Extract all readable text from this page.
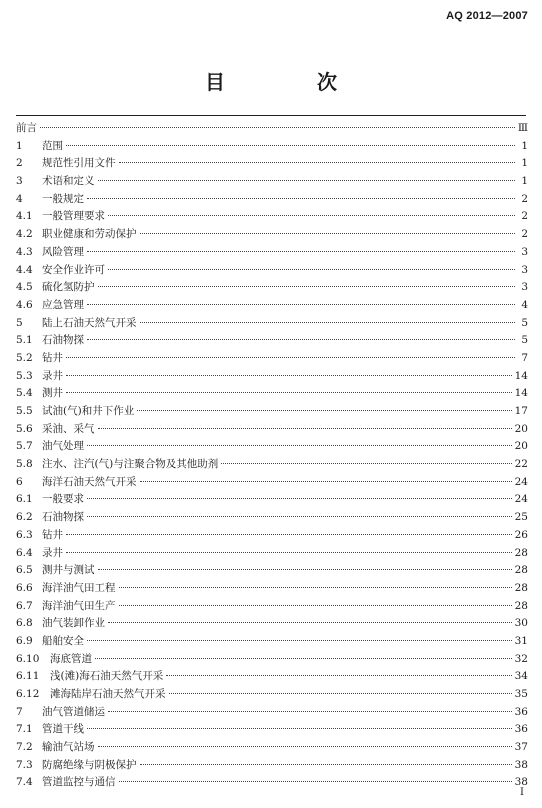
AQ 2012—2007
目　次
前言	Ⅲ
1	范围	1
2	规范性引用文件	1
3	术语和定义	1
4	一般规定	2
4.1 一般管理要求	2
4.2 职业健康和劳动保护	2
4.3 风险管理	3
4.4 安全作业许可	3
4.5 硫化氢防护	3
4.6 应急管理	4
5	陆上石油天然气开采	5
5.1 石油物探	5
5.2 钻井	7
5.3 录井	14
5.4 测井	14
5.5 试油(气)和井下作业	17
5.6 采油、采气	20
5.7 油气处理	20
5.8 注水、注汽(气)与注聚合物及其他助剂	22
6	海洋石油天然气开采	24
6.1 一般要求	24
6.2 石油物探	25
6.3 钻井	26
6.4 录井	28
6.5 测井与测试	28
6.6 海洋油气田工程	28
6.7 海洋油气田生产	28
6.8 油气装卸作业	30
6.9 船舶安全	31
6.10	海底管道	32
6.11	浅(滩)海石油天然气开采	34
6.12	滩海陆岸石油天然气开采	35
7	油气管道储运	36
7.1 管道干线	36
7.2 输油气站场	37
7.3 防腐绝缘与阴极保护	38
7.4 管道监控与通信	38
I
